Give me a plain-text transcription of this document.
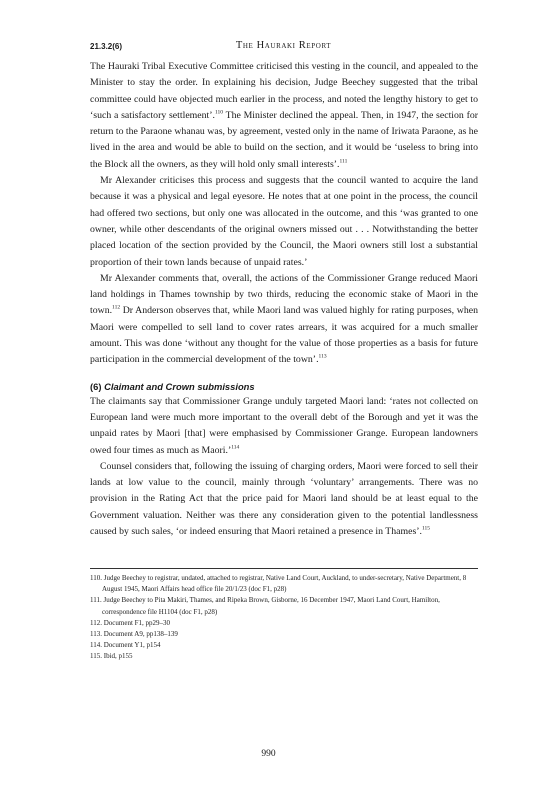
21.3.2(6)	The Hauraki Report

The Hauraki Tribal Executive Committee criticised this vesting in the council, and appealed to the Minister to stay the order. In explaining his decision, Judge Beechey suggested that the tribal committee could have objected much earlier in the process, and noted the lengthy history to get to ‘such a satisfactory settlement’.$^{110}$ The Minister declined the appeal. Then, in 1947, the section for return to the Paraone whanau was, by agreement, vested only in the name of Iriwata Paraone, as he lived in the area and would be able to build on the section, and it would be ‘useless to bring into the Block all the owners, as they will hold only small interests’.$^{111}$

Mr Alexander criticises this process and suggests that the council wanted to acquire the land because it was a physical and legal eyesore. He notes that at one point in the process, the council had offered two sections, but only one was allocated in the outcome, and this ‘was granted to one owner, while other descendants of the original owners missed out . . . Notwithstanding the better placed location of the section provided by the Council, the Maori owners still lost a substantial proportion of their town lands because of unpaid rates.’

Mr Alexander comments that, overall, the actions of the Commissioner Grange reduced Maori land holdings in Thames township by two thirds, reducing the economic stake of Maori in the town.$^{112}$ Dr Anderson observes that, while Maori land was valued highly for rating purposes, when Maori were compelled to sell land to cover rates arrears, it was acquired for a much smaller amount. This was done ‘without any thought for the value of those properties as a basis for future participation in the commercial development of the town’.$^{113}$

(6) Claimant and Crown submissions

The claimants say that Commissioner Grange unduly targeted Maori land: ‘rates not collected on European land were much more important to the overall debt of the Borough and yet it was the unpaid rates by Maori [that] were emphasised by Commissioner Grange. European landowners owed four times as much as Maori.’$^{114}$

Counsel considers that, following the issuing of charging orders, Maori were forced to sell their lands at low value to the council, mainly through ‘voluntary’ arrangements. There was no provision in the Rating Act that the price paid for Maori land should be at least equal to the Government valuation. Neither was there any consideration given to the potential landlessness caused by such sales, ‘or indeed ensuring that Maori retained a presence in Thames’.$^{115}$

110. Judge Beechey to registrar, undated, attached to registrar, Native Land Court, Auckland, to under-secretary, Native Department, 8 August 1945, Maori Affairs head office file 20/1/23 (doc F1, p28)

111. Judge Beechey to Pita Makiri, Thames, and Ripeka Brown, Gisborne, 16 December 1947, Maori Land Court, Hamilton, correspondence file H1104 (doc F1, p28)

112. Document F1, pp29–30

113. Document A9, pp138–139

114. Document Y1, p154

115. Ibid, p155

990
